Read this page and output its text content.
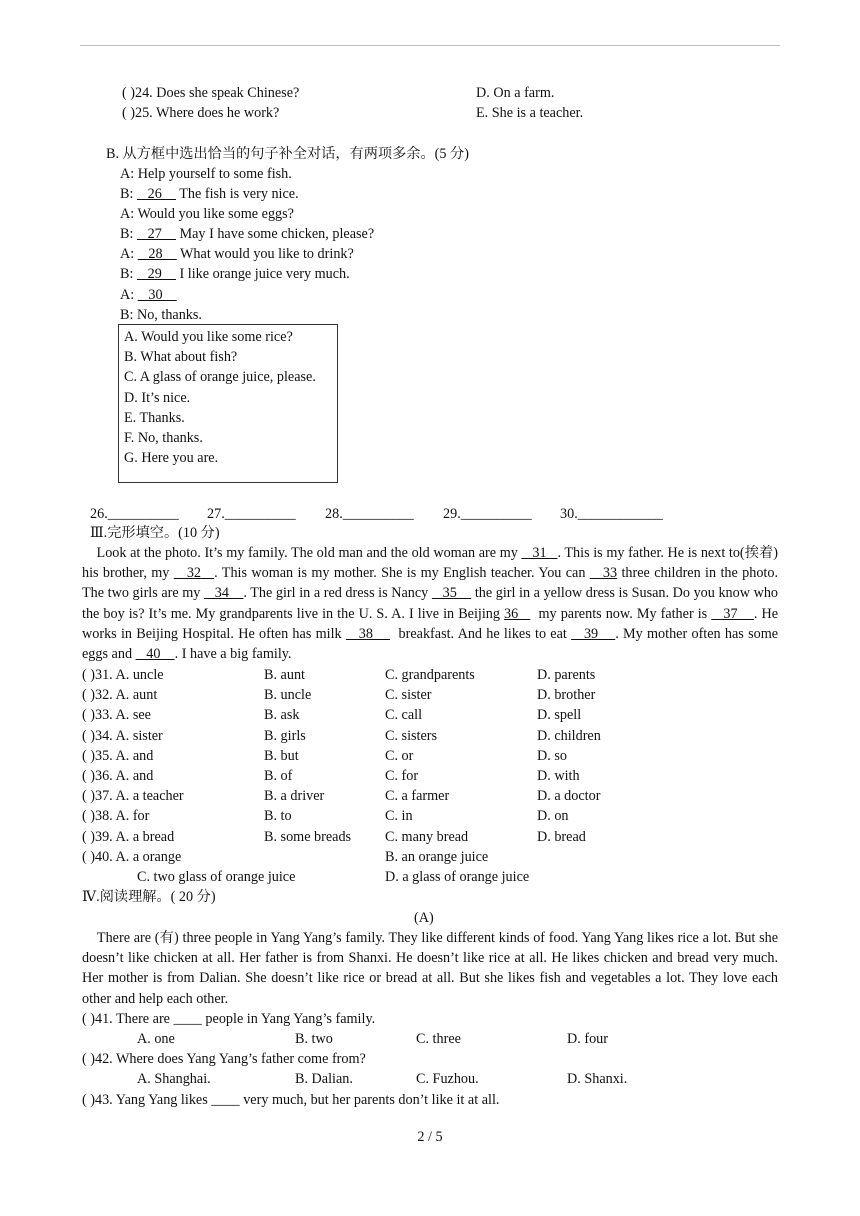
( )24. Does she speak Chinese?	D. On a farm.
( )25. Where does he work?	E. She is a teacher.
B. 从方框中选出恰当的句子补全对话，有两项多余。(5 分)
A: Help yourself to some fish.
B:    26     The fish is very nice.
A: Would you like some eggs?
B:    27     May I have some chicken, please?
A:    28     What would you like to drink?
B:    29     I like orange juice very much.
A:    30
B: No, thanks.
A. Would you like some rice?
B. What about fish?
C. A glass of orange juice, please.
D. It’s nice.
E. Thanks.
F. No, thanks.
G. Here you are.
26.__________ 27.__________ 28.__________ 29.__________ 30.____________
Ⅲ.完形填空。(10 分)
Look at the photo. It’s my family. The old man and the old woman are my    31   . This is my father. He is next to(挨着) his brother, my    32   . This woman is my mother. She is my English teacher. You can    33 three children in the photo. The two girls are my    34    . The girl in a red dress is Nancy    35     the girl in a yellow dress is Susan. Do you know who the boy is? It’s me. My grandparents live in the U. S. A. I live in Beijing 36     my parents now. My father is    37    . He works in Beijing Hospital. He often has milk    38      breakfast. And he likes to eat    39    . My mother often has some eggs and    40    . I have a big family.
( )31. A. uncle	B. aunt	C. grandparents	D. parents
( )32. A. aunt	B. uncle	C. sister	D. brother
( )33. A. see	B. ask	C. call	D. spell
( )34. A. sister	B. girls	C. sisters	D. children
( )35. A. and	B. but	C. or	D. so
( )36. A. and	B. of	C. for	D. with
( )37. A. a teacher	B. a driver	C. a farmer	D. a doctor
( )38. A. for	B. to	C. in	D. on
( )39. A. a bread	B. some breads C. many bread	D. bread
( )40. A. a orange	B. an orange juice
C. two glass of orange juice	D. a glass of orange juice
Ⅳ.阅读理解。( 20 分)
(A)
There are (有) three people in Yang Yang’s family. They like different kinds of food. Yang Yang likes rice a lot. But she doesn’t like chicken at all. Her father is from Shanxi. He doesn’t like rice at all. He likes chicken and bread very much. Her mother is from Dalian. She doesn’t like rice or bread at all. But she likes fish and vegetables a lot. They love each other and help each other.
( )41. There are ____ people in Yang Yang’s family.
A. one	B. two	C. three	D. four
( )42. Where does Yang Yang’s father come from?
A. Shanghai.	B. Dalian.	C. Fuzhou.	D. Shanxi.
( )43. Yang Yang likes ____ very much, but her parents don’t like it at all.
2 / 5
